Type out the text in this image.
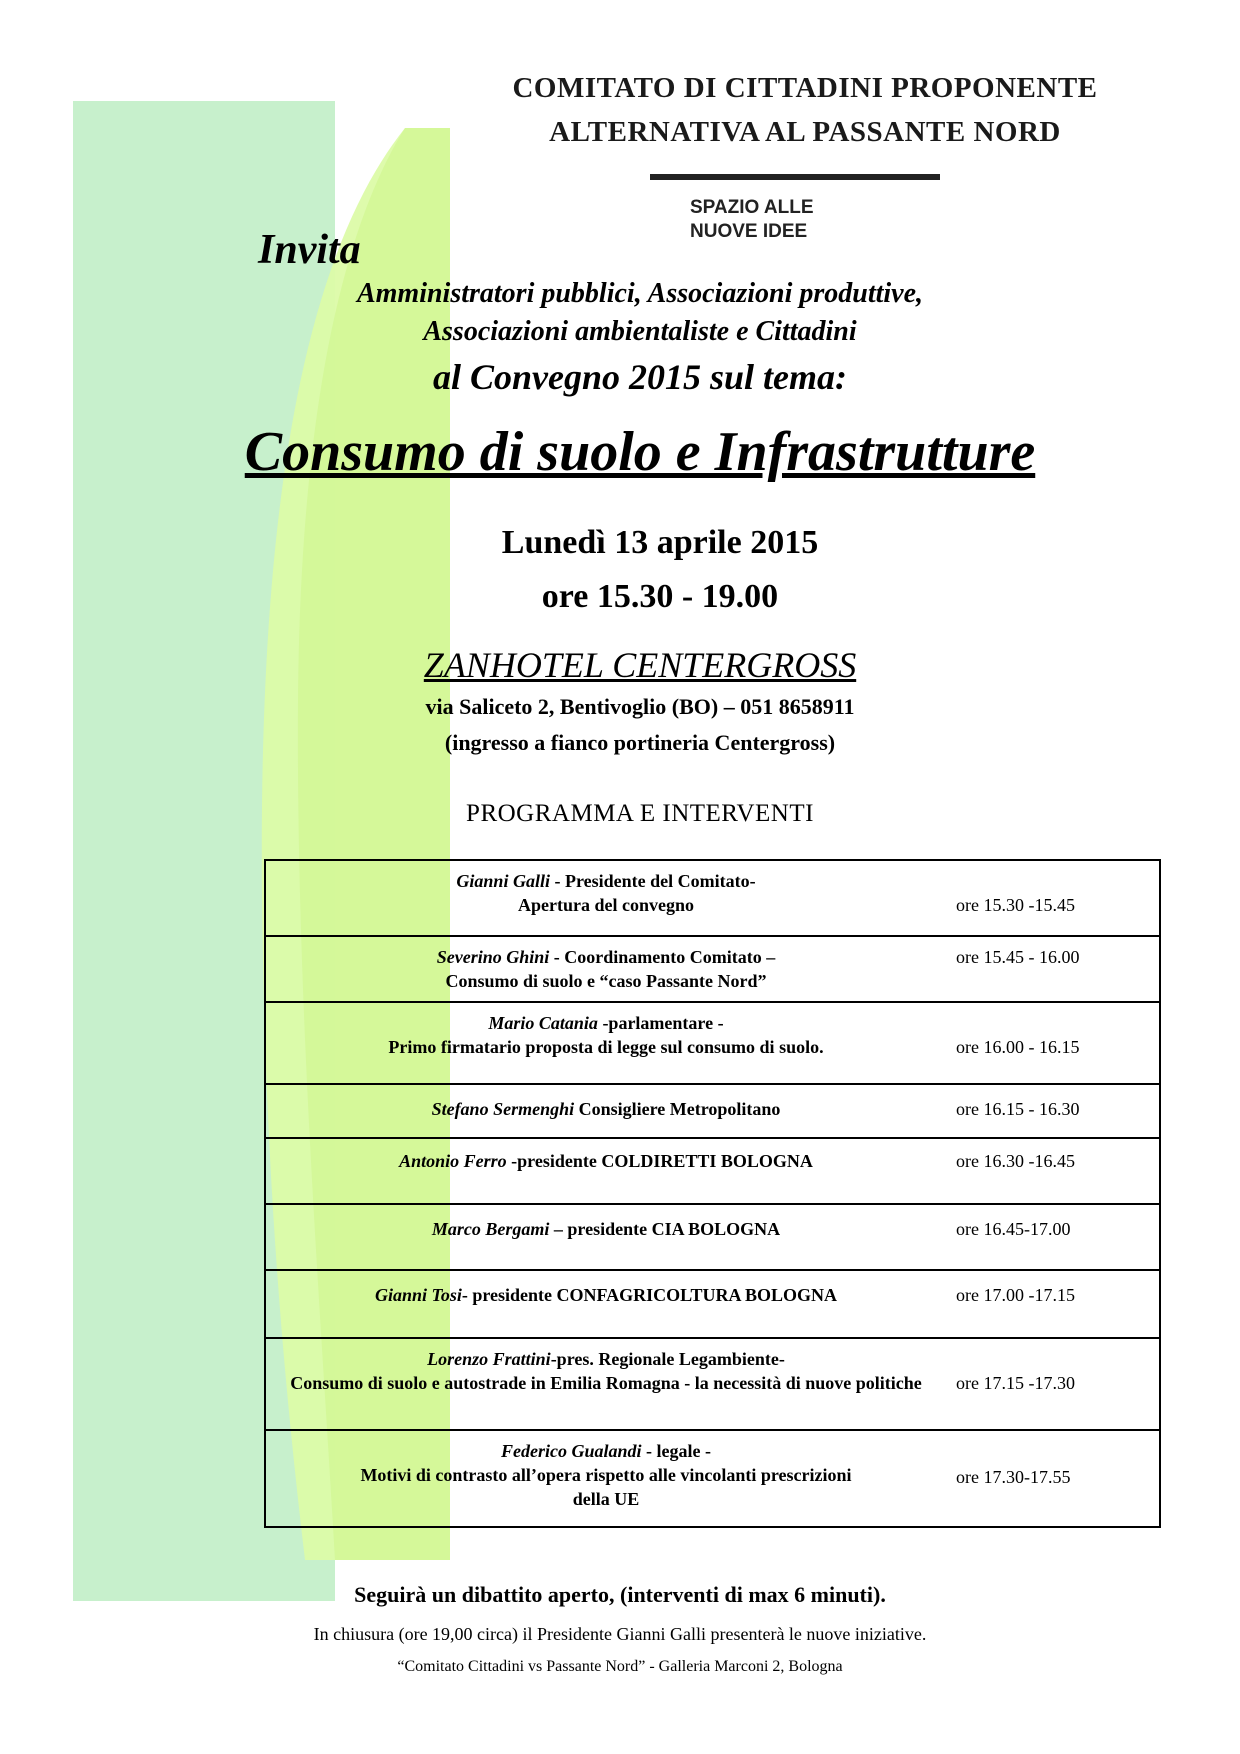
COMITATO DI CITTADINI PROPONENTE
ALTERNATIVA AL PASSANTE NORD
SPAZIO ALLE
NUOVE IDEE
Invita
Amministratori pubblici, Associazioni produttive,
Associazioni ambientaliste e Cittadini
al Convegno 2015 sul tema:
Consumo di suolo e Infrastrutture
Lunedì 13 aprile 2015
ore 15.30 - 19.00
ZANHOTEL CENTERGROSS
via Saliceto 2, Bentivoglio (BO) – 051 8658911
(ingresso a fianco portineria Centergross)
PROGRAMMA E INTERVENTI
Gianni Galli - Presidente del Comitato-
Apertura del convegno	ore 15.30 -15.45
Severino Ghini - Coordinamento Comitato –
Consumo di suolo e “caso Passante Nord”
ore 15.45 - 16.00
Mario Catania -parlamentare -
Primo firmatario proposta di legge sul consumo di suolo.	ore 16.00 - 16.15
Stefano Sermenghi Consigliere Metropolitano	ore 16.15 - 16.30
Antonio Ferro -presidente COLDIRETTI BOLOGNA	ore 16.30 -16.45
Marco Bergami – presidente CIA BOLOGNA	ore 16.45-17.00
Gianni Tosi- presidente CONFAGRICOLTURA BOLOGNA	ore 17.00 -17.15
Lorenzo Frattini-pres. Regionale Legambiente-
Consumo di suolo e autostrade in Emilia Romagna - la necessità di nuove politiche	ore 17.15 -17.30
Federico Gualandi - legale -
Motivi di contrasto all’opera rispetto alle vincolanti prescrizioni della UE
ore 17.30-17.55
Seguirà un dibattito aperto, (interventi di max 6 minuti).
In chiusura (ore 19,00 circa) il Presidente Gianni Galli presenterà le nuove iniziative.
“Comitato Cittadini vs Passante Nord” - Galleria Marconi 2, Bologna
